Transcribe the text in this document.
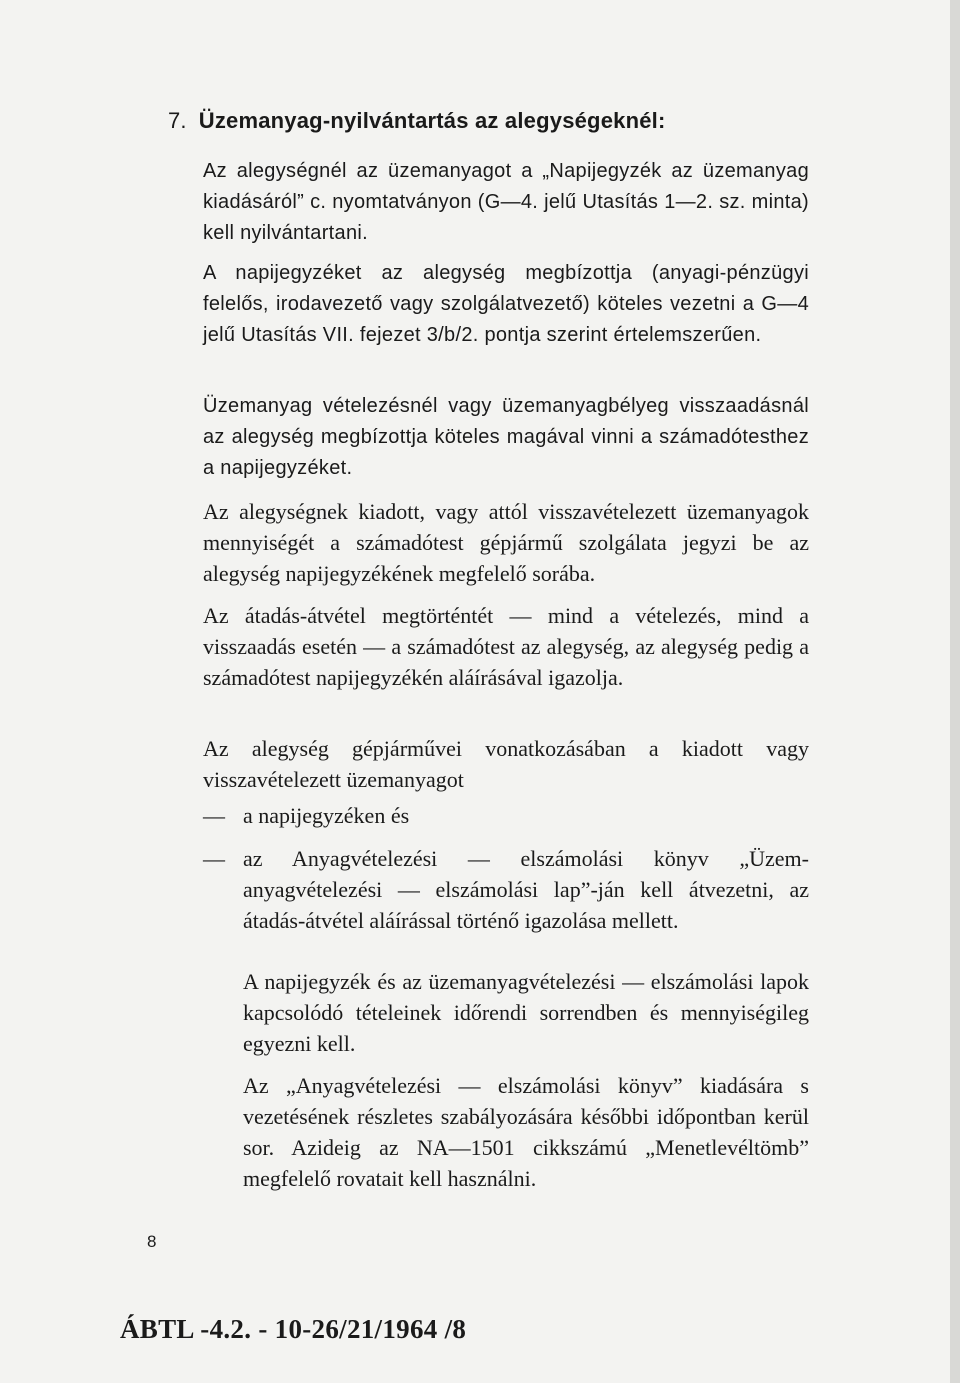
7. Üzemanyag-nyilvántartás az alegységeknél:
Az alegységnél az üzemanyagot a „Napijegyzék az üzemanyag kiadásáról” c. nyomtatványon (G—4. jelű Utasítás 1—2. sz. minta) kell nyilvántartani.
A napijegyzéket az alegység megbízottja (anyagi-pénzügyi felelős, irodavezető vagy szolgálatvezető) köteles vezetni a G—4 jelű Utasítás VII. fejezet 3/b/2. pontja szerint értelemszerűen.
Üzemanyag vételezésnél vagy üzemanyagbélyeg visszaadásnál az alegység megbízottja köteles magával vinni a számadótesthez a napijegyzéket.
Az alegységnek kiadott, vagy attól visszavételezett üzemanyagok mennyiségét a számadótest gépjármű szolgálata jegyzi be az alegység napijegyzékének megfelelő sorába.
Az átadás-átvétel megtörténtét — mind a vételezés, mind a visszaadás esetén — a számadótest az alegység, az alegység pedig a számadótest napijegyzékén aláírásával igazolja.
Az alegység gépjárművei vonatkozásában a kiadott vagy visszavételezett üzemanyagot
— a napijegyzéken és
— az Anyagvételezési — elszámolási könyv „Üzemanyagvételezési — elszámolási lap”-ján kell átvezetni, az átadás-átvétel aláírással történő igazolása mellett.
A napijegyzék és az üzemanyagvételezési — elszámolási lapok kapcsolódó tételeinek időrendi sorrendben és mennyiségileg egyezni kell.
Az „Anyagvételezési — elszámolási könyv” kiadására s vezetésének részletes szabályozására későbbi időpontban kerül sor. Azideig az NA—1501 cikkszámú „Menetlevéltömb” megfelelő rovatait kell használni.
8
ÁBTL -4.2. - 10-26/21/1964 /8
